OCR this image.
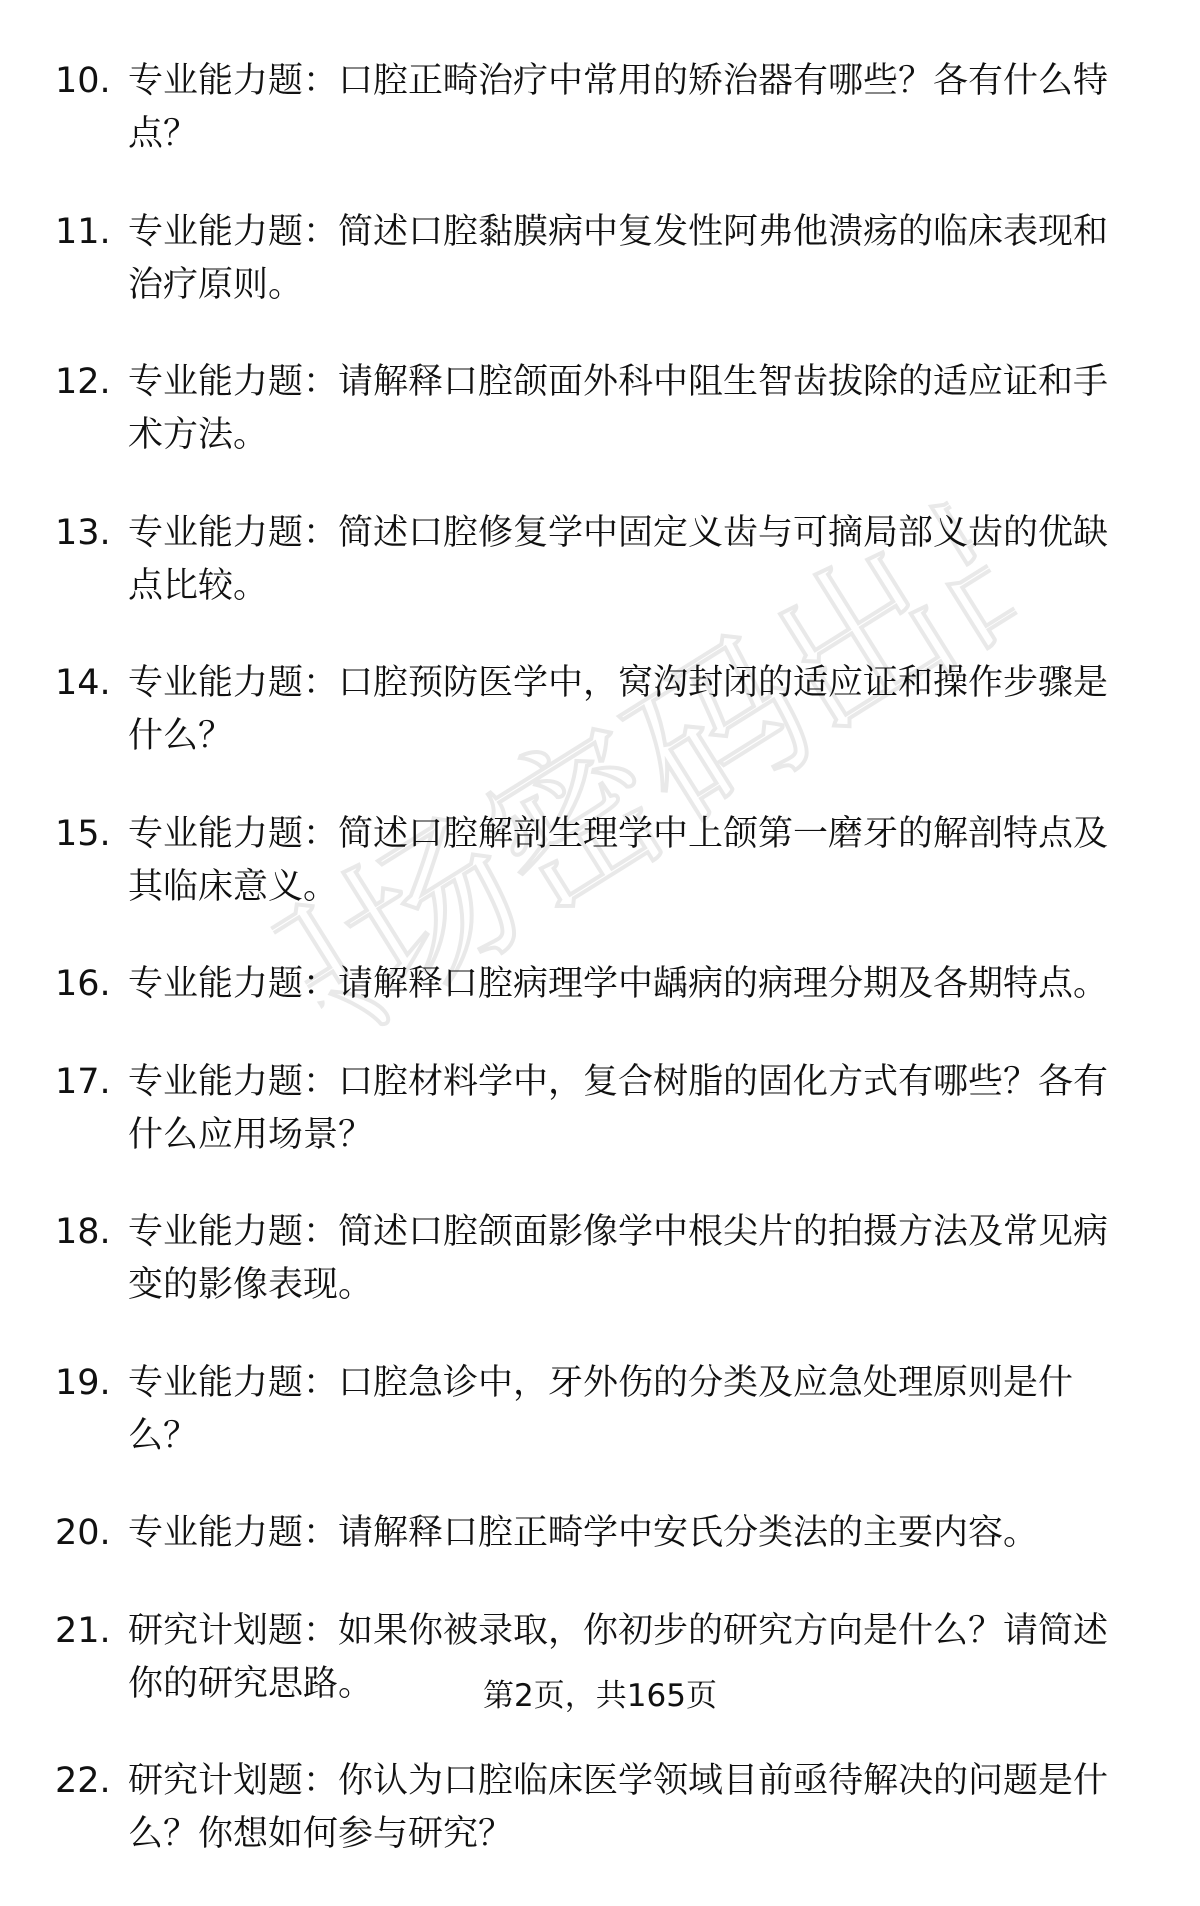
职场密码出品
10. 专业能力题：口腔正畸治疗中常用的矫治器有哪些？各有什么特点？
11. 专业能力题：简述口腔黏膜病中复发性阿弗他溃疡的临床表现和治疗原则。
12. 专业能力题：请解释口腔颌面外科中阻生智齿拔除的适应证和手术方法。
13. 专业能力题：简述口腔修复学中固定义齿与可摘局部义齿的优缺点比较。
14. 专业能力题：口腔预防医学中，窝沟封闭的适应证和操作步骤是什么？
15. 专业能力题：简述口腔解剖生理学中上颌第一磨牙的解剖特点及其临床意义。
16. 专业能力题：请解释口腔病理学中龋病的病理分期及各期特点。
17. 专业能力题：口腔材料学中，复合树脂的固化方式有哪些？各有什么应用场景？
18. 专业能力题：简述口腔颌面影像学中根尖片的拍摄方法及常见病变的影像表现。
19. 专业能力题：口腔急诊中，牙外伤的分类及应急处理原则是什么？
20. 专业能力题：请解释口腔正畸学中安氏分类法的主要内容。
21. 研究计划题：如果你被录取，你初步的研究方向是什么？请简述你的研究思路。
22. 研究计划题：你认为口腔临床医学领域目前亟待解决的问题是什么？你想如何参与研究？
第2页，共165页
